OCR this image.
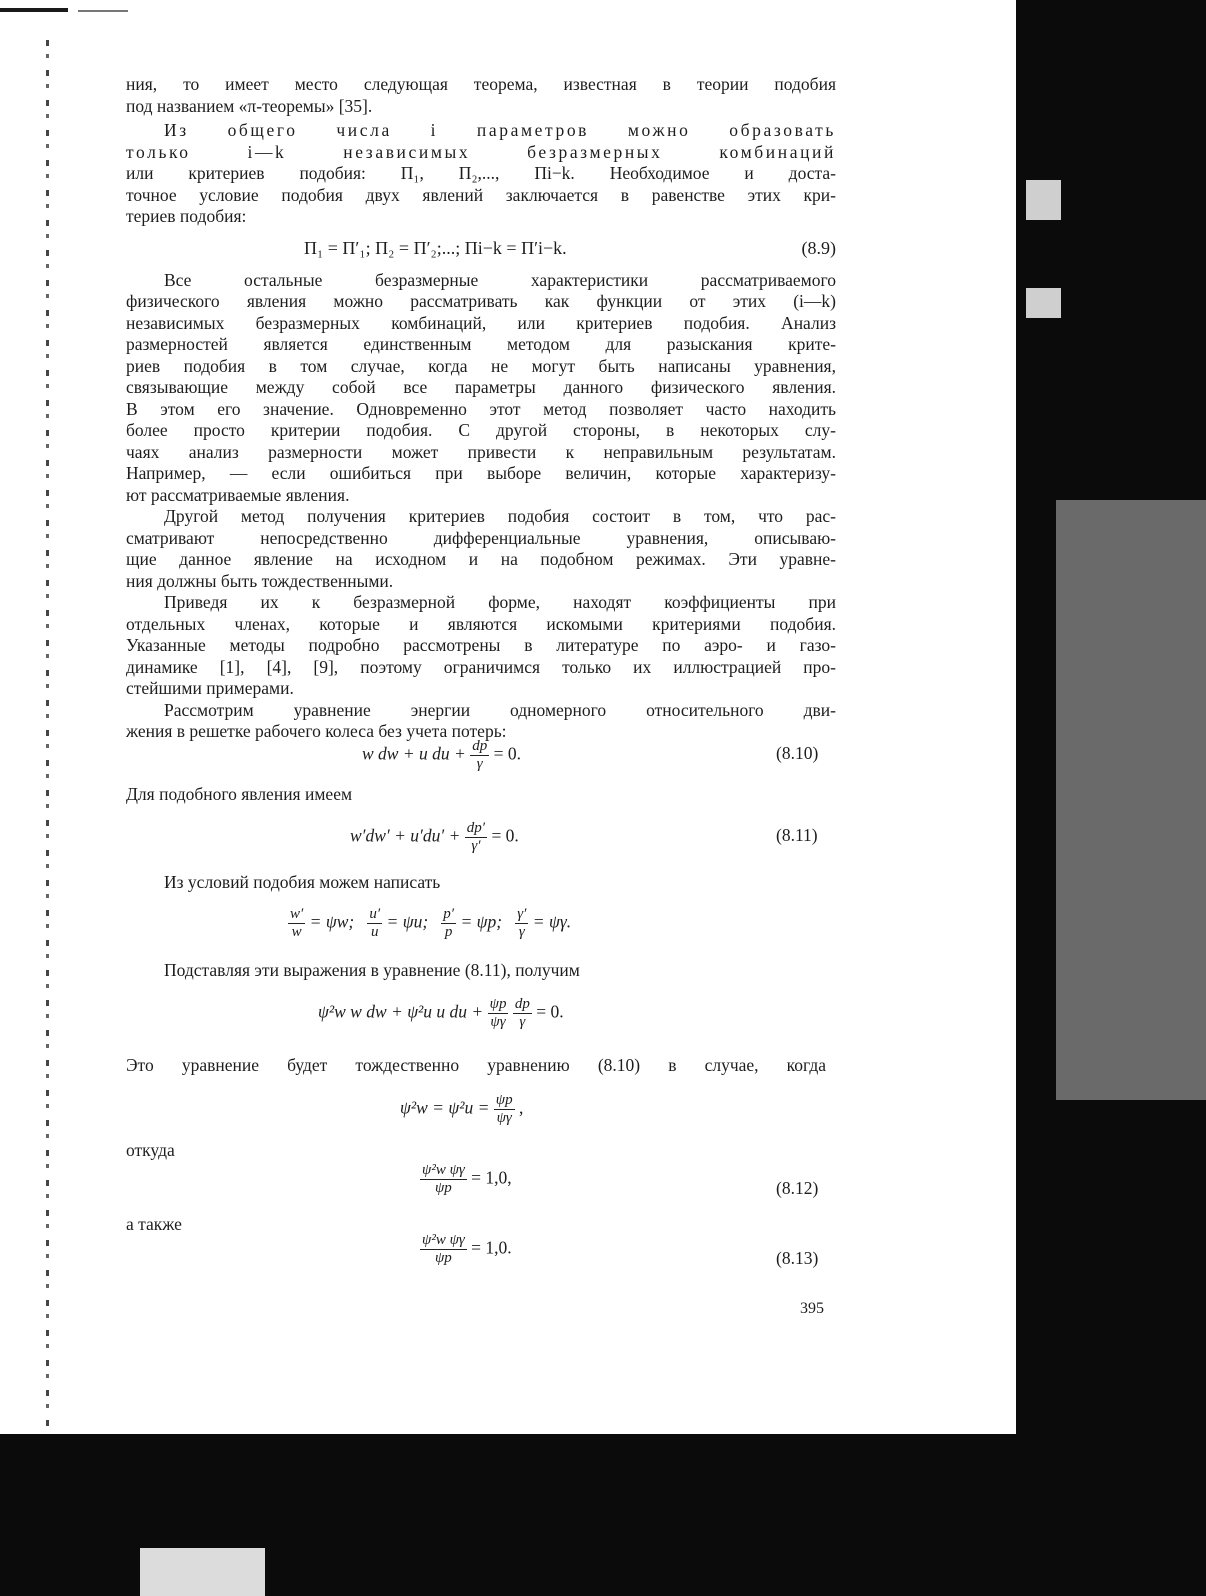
ния, то имеет место следующая теорема, известная в теории подобия

под названием «π-теоремы» [35].

Из общего числа i параметров можно образовать

только i—k независимых безразмерных комбинаций

или критериев подобия: Π₁, Π₂,..., Πi−k. Необходимое и доста-

точное условие подобия двух явлений заключается в равенстве этих кри-

териев подобия:

Π₁ = Π′₁; Π₂ = Π′₂;...; Πi−k = Π′i−k.	(8.9)

Все остальные безразмерные характеристики рассматриваемого

физического явления можно рассматривать как функции от этих (i—k)

независимых безразмерных комбинаций, или критериев подобия. Анализ

размерностей является единственным методом для разыскания крите-

риев подобия в том случае, когда не могут быть написаны уравнения,

связывающие между собой все параметры данного физического явления.

В этом его значение. Одновременно этот метод позволяет часто находить

более просто критерии подобия. С другой стороны, в некоторых слу-

чаях анализ размерности может привести к неправильным результатам.

Например, — если ошибиться при выборе величин, которые характеризу-

ют рассматриваемые явления.

Другой метод получения критериев подобия состоит в том, что рас-

сматривают непосредственно дифференциальные уравнения, описываю-

щие данное явление на исходном и на подобном режимах. Эти уравне-

ния должны быть тождественными.

Приведя их к безразмерной форме, находят коэффициенты при

отдельных членах, которые и являются искомыми критериями подобия.

Указанные методы подробно рассмотрены в литературе по аэро- и газо-

динамике [1], [4], [9], поэтому ограничимся только их иллюстрацией про-

стейшими примерами.

Рассмотрим уравнение энергии одномерного относительного дви-

жения в решетке рабочего колеса без учета потерь:

w dw + u du + $\frac{dp}{\gamma} = 0$.	(8.10)
Для подобного явления имеем
$w'dw' + u'du' + \frac{dp'}{\gamma'} = 0$.	(8.11)
Из условий подобия можем написать
$\frac{w'}{w} = \psi w$; $\frac{u'}{u} = \psi u$; $\frac{p'}{p} = \psi p$; $\frac{\gamma'}{\gamma} = \psi\gamma$.
Подставляя эти выражения в уравнение (8.11), получим
ψ²w w dw + ψ²u u du + $\frac{\psi p}{\psi\gamma}$
$\frac{dp}{\gamma} = 0$.
Это уравнение будет тождественно уравнению (8.10) в случае, когда
$\psi^2w = \psi^2u = \frac{\psi p}{\psi\gamma}$ ,
откуда
$\frac{\text{ψ²w ψγ}}{\psi p} = 1,0$,
(8.12)
а также
$\frac{\text{ψ²w ψγ}}{\psi p} = 1,0$.
(8.13)
395
